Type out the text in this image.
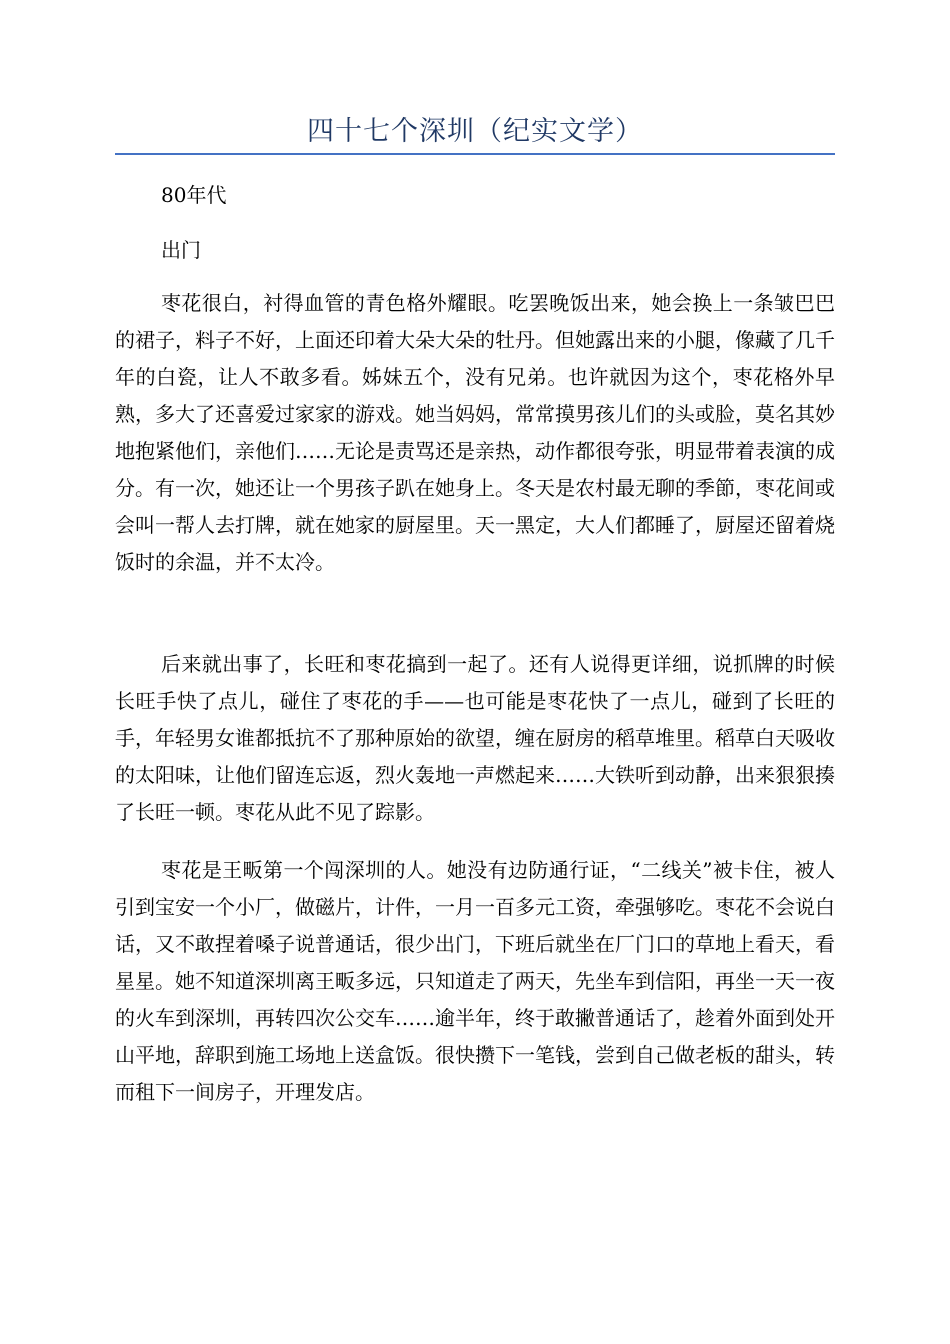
四十七个深圳（纪实文学）
80年代
出门
枣花很白，衬得血管的青色格外耀眼。吃罢晚饭出来，她会换上一条皱巴巴的裙子，料子不好，上面还印着大朵大朵的牡丹。但她露出来的小腿，像藏了几千年的白瓷，让人不敢多看。姊妹五个，没有兄弟。也许就因为这个，枣花格外早熟，多大了还喜爱过家家的游戏。她当妈妈，常常摸男孩儿们的头或脸，莫名其妙地抱紧他们，亲他们……无论是责骂还是亲热，动作都很夸张，明显带着表演的成分。有一次，她还让一个男孩子趴在她身上。冬天是农村最无聊的季節，枣花间或会叫一帮人去打牌，就在她家的厨屋里。天一黑定，大人们都睡了，厨屋还留着烧饭时的余温，并不太冷。
后来就出事了，长旺和枣花搞到一起了。还有人说得更详细，说抓牌的时候长旺手快了点儿，碰住了枣花的手——也可能是枣花快了一点儿，碰到了长旺的手，年轻男女谁都抵抗不了那种原始的欲望，缠在厨房的稻草堆里。稻草白天吸收的太阳味，让他们留连忘返，烈火轰地一声燃起来……大铁听到动静，出来狠狠揍了长旺一顿。枣花从此不见了踪影。
枣花是王畈第一个闯深圳的人。她没有边防通行证，“二线关”被卡住，被人引到宝安一个小厂，做磁片，计件，一月一百多元工资，牵强够吃。枣花不会说白话，又不敢捏着嗓子说普通话，很少出门，下班后就坐在厂门口的草地上看天，看星星。她不知道深圳离王畈多远，只知道走了两天，先坐车到信阳，再坐一天一夜的火车到深圳，再转四次公交车……逾半年，终于敢撇普通话了，趁着外面到处开山平地，辞职到施工场地上送盒饭。很快攒下一笔钱，尝到自己做老板的甜头，转而租下一间房子，开理发店。
